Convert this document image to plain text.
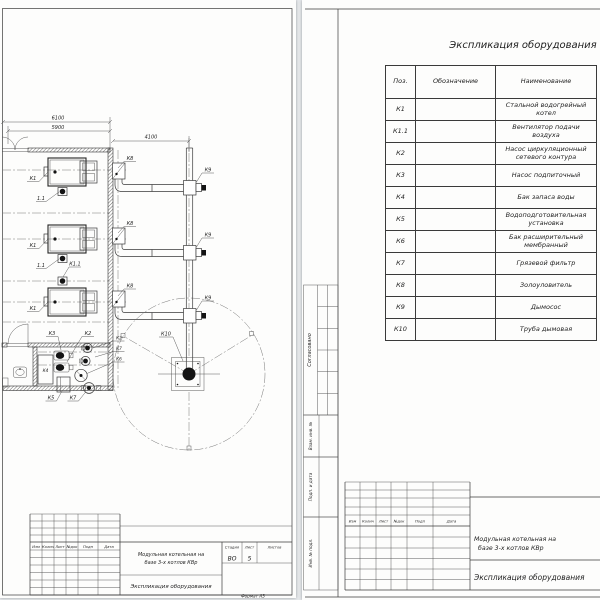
6100
5900
4100
К1
К1
К1
1.1
1.1	К1.1
К8
К8
К8
К9
К9
К9
К10
К3	К2
К2
К7
К6
К4
К5	К7
Изм Колич Лист №док Подп	Дата	Стадия Лист	Листов
ВО 5
Модульная котельная на
базе 3-х котлов КВр
Экспликация оборудования
Формат А3
Согласовано
Взам. инв. №
Подп. и дата
Инв. № подл.
Изм Колич Лист №док	Подп	Дата
Модульная котельная на
базе 3-х котлов КВр
Экспликация оборудования
Экспликация оборудования
Поз.	Обозначение	Наименование
К1	Стальной водогрейный котел
К1.1	Вентилятор подачи воздуха
К2	Насос циркуляционный сетевого контура
К3	Насос подпиточный
К4	Бак запаса воды
К5	Водоподготовительная установка
К6	Бак расширительный мембранный
К7	Грязевой фильтр
К8	Золоуловитель
К9	Дымосос
К10	Труба дымовая
